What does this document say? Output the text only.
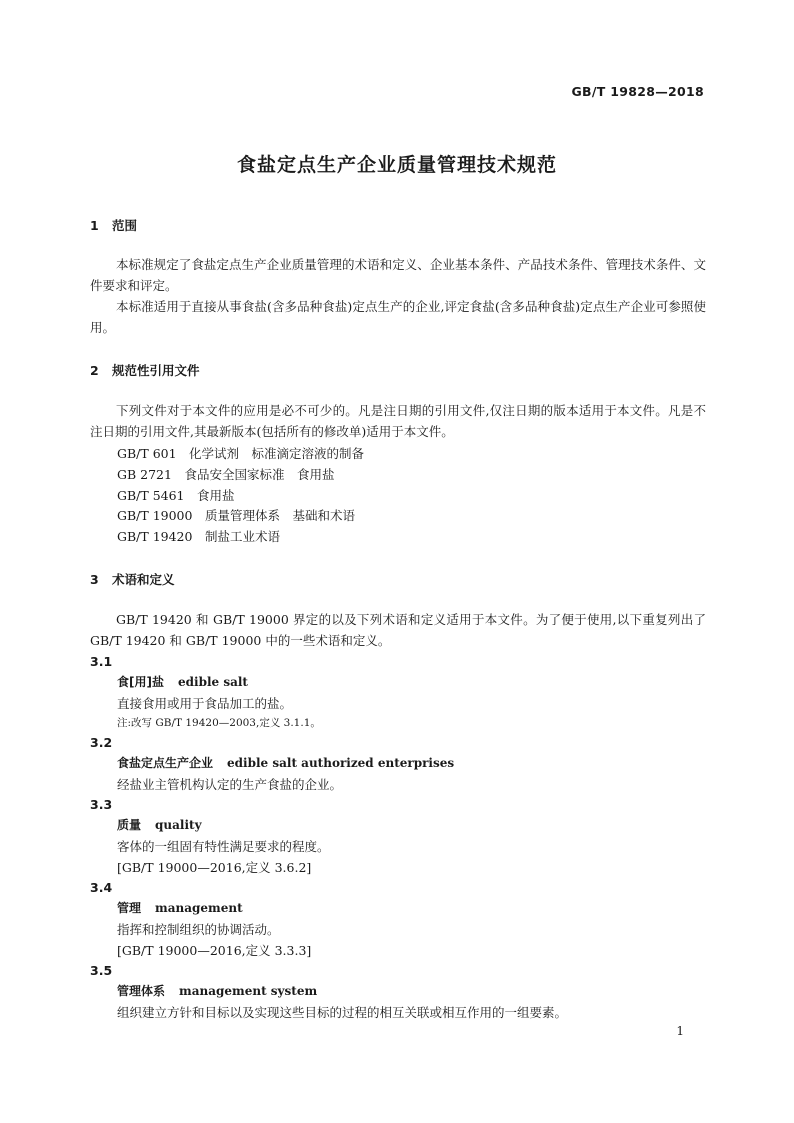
GB/T 19828—2018
食盐定点生产企业质量管理技术规范
1 范围
本标准规定了食盐定点生产企业质量管理的术语和定义、企业基本条件、产品技术条件、管理技术条件、文件要求和评定。
本标准适用于直接从事食盐(含多品种食盐)定点生产的企业,评定食盐(含多品种食盐)定点生产企业可参照使用。
2 规范性引用文件
下列文件对于本文件的应用是必不可少的。凡是注日期的引用文件,仅注日期的版本适用于本文件。凡是不注日期的引用文件,其最新版本(包括所有的修改单)适用于本文件。
GB/T 601　化学试剂　标准滴定溶液的制备
GB 2721　食品安全国家标准　食用盐
GB/T 5461　食用盐
GB/T 19000　质量管理体系　基础和术语
GB/T 19420　制盐工业术语
3 术语和定义
GB/T 19420 和 GB/T 19000 界定的以及下列术语和定义适用于本文件。为了便于使用,以下重复列出了 GB/T 19420 和 GB/T 19000 中的一些术语和定义。
3.1
食[用]盐 edible salt
直接食用或用于食品加工的盐。
注:改写 GB/T 19420—2003,定义 3.1.1。
3.2
食盐定点生产企业 edible salt authorized enterprises
经盐业主管机构认定的生产食盐的企业。
3.3
质量 quality
客体的一组固有特性满足要求的程度。
[GB/T 19000—2016,定义 3.6.2]
3.4
管理 management
指挥和控制组织的协调活动。
[GB/T 19000—2016,定义 3.3.3]
3.5
管理体系 management system
组织建立方针和目标以及实现这些目标的过程的相互关联或相互作用的一组要素。
1
